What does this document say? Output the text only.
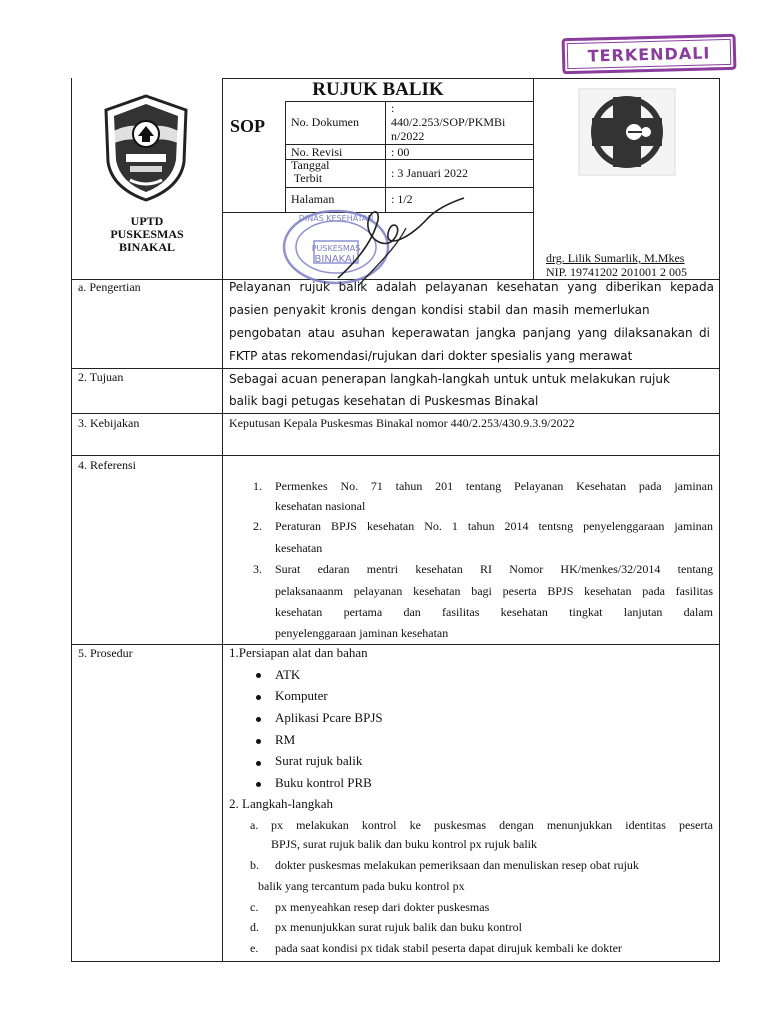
TERKENDALI
UPTD
PUSKESMAS
BINAKAL
RUJUK BALIK
SOP No. Dokumen
:
440/2.253/SOP/PKMBi
n/2022
No. Revisi	: 00
Tanggal
Terbit	: 3 Januari 2022
Halaman	: 1/2
DINAS KESEHATAN
PUSKESMAS
BINAKAL	drg. Lilik Sumarlik, M.Mkes
NIP. 19741202 201001 2 005
a. Pengertian	Pelayanan rujuk balik adalah pelayanan kesehatan yang diberikan kepada
pasien penyakit kronis dengan kondisi stabil dan masih memerlukan
pengobatan atau asuhan keperawatan jangka panjang yang dilaksanakan di
FKTP atas rekomendasi/rujukan dari dokter spesialis yang merawat
2. Tujuan	Sebagai acuan penerapan langkah-langkah untuk untuk melakukan rujuk
balik bagi petugas kesehatan di Puskesmas Binakal
3. Kebijakan	Keputusan Kepala Puskesmas Binakal nomor 440/2.253/430.9.3.9/2022
4. Referensi
1. Permenkes No. 71 tahun 201 tentang Pelayanan Kesehatan pada jaminan
kesehatan nasional
2. Peraturan BPJS kesehatan No. 1 tahun 2014 tentsng penyelenggaraan jaminan
kesehatan
3. Surat edaran mentri kesehatan RI Nomor HK/menkes/32/2014 tentang
pelaksanaanm pelayanan kesehatan bagi peserta BPJS kesehatan pada fasilitas
kesehatan pertama dan fasilitas kesehatan tingkat lanjutan dalam
penyelenggaraan jaminan kesehatan
5. Prosedur	1.Persiapan alat dan bahan
ATK
Komputer
Aplikasi Pcare BPJS
RM
Surat rujuk balik
Buku kontrol PRB
2. Langkah-langkah
a. px melakukan kontrol ke puskesmas dengan menunjukkan identitas peserta
BPJS, surat rujuk balik dan buku kontrol px rujuk balik
b. dokter puskesmas melakukan pemeriksaan dan menuliskan resep obat rujuk
balik yang tercantum pada buku kontrol px
c. px menyeahkan resep dari dokter puskesmas
d. px menunjukkan surat rujuk balik dan buku kontrol
e. pada saat kondisi px tidak stabil peserta dapat dirujuk kembali ke dokter
